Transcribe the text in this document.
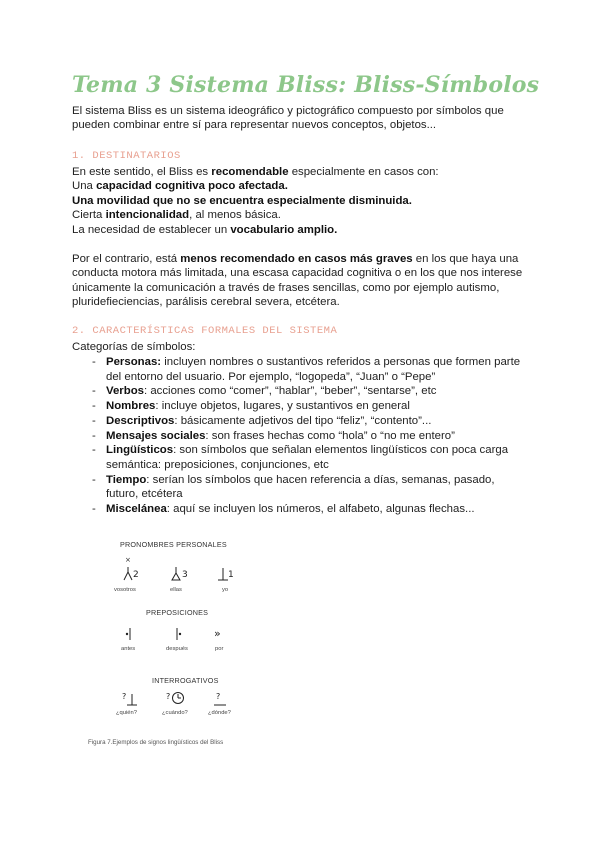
Tema 3 Sistema Bliss: Bliss-Símbolos

El sistema Bliss es un sistema ideográfico y pictográfico compuesto por símbolos que pueden combinar entre sí para representar nuevos conceptos, objetos...

1. DESTINATARIOS

En este sentido, el Bliss es recomendable especialmente en casos con:

Una capacidad cognitiva poco afectada.

Una movilidad que no se encuentra especialmente disminuida.

Cierta intencionalidad, al menos básica.

La necesidad de establecer un vocabulario amplio.

Por el contrario, está menos recomendado en casos más graves en los que haya una conducta motora más limitada, una escasa capacidad cognitiva o en los que nos interese únicamente la comunicación a través de frases sencillas, como por ejemplo autismo, pluridefieciencias, parálisis cerebral severa, etcétera.

2. CARACTERÍSTICAS FORMALES DEL SISTEMA

Categorías de símbolos:

- Personas: incluyen nombres o sustantivos referidos a personas que formen parte del entorno del usuario. Por ejemplo, “logopeda”, “Juan” o “Pepe”
- Verbos: acciones como “comer”, “hablar”, “beber”, “sentarse”, etc
- Nombres: incluye objetos, lugares, y sustantivos en general
- Descriptivos: básicamente adjetivos del tipo “feliz”, “contento”...
- Mensajes sociales: son frases hechas como “hola” o “no me entero”
- Lingüísticos: son símbolos que señalan elementos lingüísticos con poca carga semántica: preposiciones, conjunciones, etc
- Tiempo: serían los símbolos que hacen referencia a días, semanas, pasado, futuro, etcétera
- Miscelánea: aquí se incluyen los números, el alfabeto, algunas flechas...
PRONOMBRES PERSONALES
×
2	3	1
vosotros	ellas	yo
PREPOSICIONES
»
antes	después	por
INTERROGATIVOS
?	?	?
¿quién?	¿cuándo?	¿dónde?
Figura 7.Ejemplos de signos lingüísticos del Bliss
